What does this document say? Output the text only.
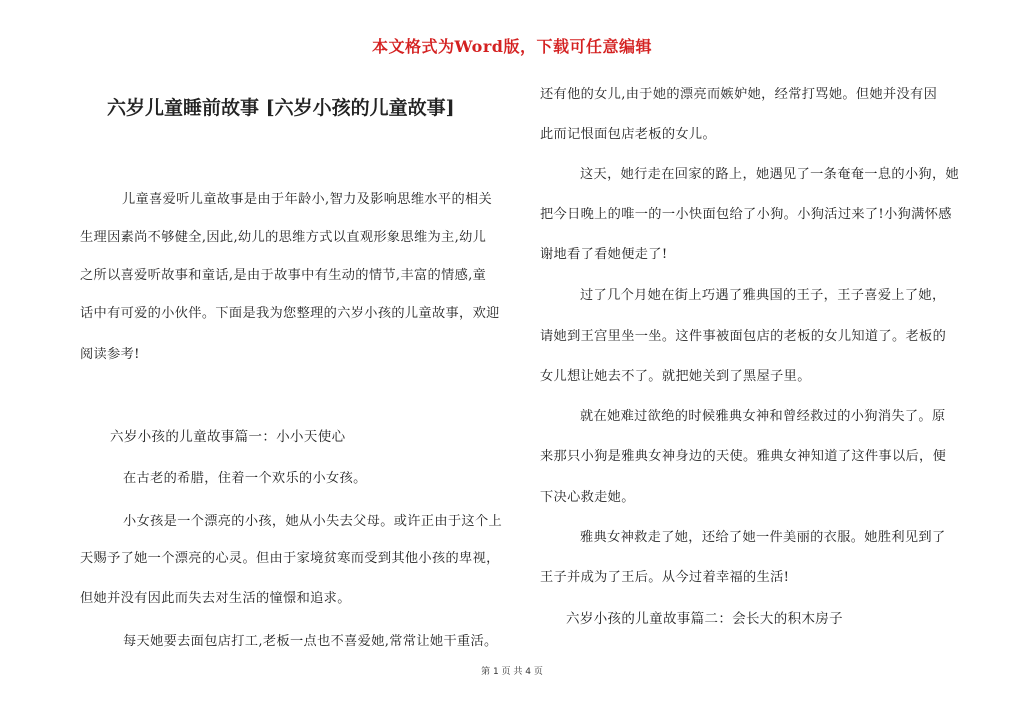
本文格式为Word版，下载可任意编辑
六岁儿童睡前故事 [六岁小孩的儿童故事]
儿童喜爱听儿童故事是由于年龄小,智力及影响思维水平的相关
生理因素尚不够健全,因此,幼儿的思维方式以直观形象思维为主,幼儿
之所以喜爱听故事和童话,是由于故事中有生动的情节,丰富的情感,童
话中有可爱的小伙伴。下面是我为您整理的六岁小孩的儿童故事，欢迎
阅读参考!
六岁小孩的儿童故事篇一：小小天使心
在古老的希腊，住着一个欢乐的小女孩。
小女孩是一个漂亮的小孩，她从小失去父母。或许正由于这个上
天赐予了她一个漂亮的心灵。但由于家境贫寒而受到其他小孩的卑视，
但她并没有因此而失去对生活的憧憬和追求。
每天她要去面包店打工,老板一点也不喜爱她,常常让她干重活。
还有他的女儿,由于她的漂亮而嫉妒她，经常打骂她。但她并没有因
此而记恨面包店老板的女儿。
这天，她行走在回家的路上，她遇见了一条奄奄一息的小狗，她
把今日晚上的唯一的一小快面包给了小狗。小狗活过来了!小狗满怀感
谢地看了看她便走了!
过了几个月她在街上巧遇了雅典国的王子，王子喜爱上了她，
请她到王宫里坐一坐。这件事被面包店的老板的女儿知道了。老板的
女儿想让她去不了。就把她关到了黑屋子里。
就在她难过欲绝的时候雅典女神和曾经救过的小狗消失了。原
来那只小狗是雅典女神身边的天使。雅典女神知道了这件事以后，便
下决心救走她。
雅典女神救走了她，还给了她一件美丽的衣服。她胜利见到了
王子并成为了王后。从今过着幸福的生活!
六岁小孩的儿童故事篇二：会长大的积木房子
第 1 页 共 4 页
